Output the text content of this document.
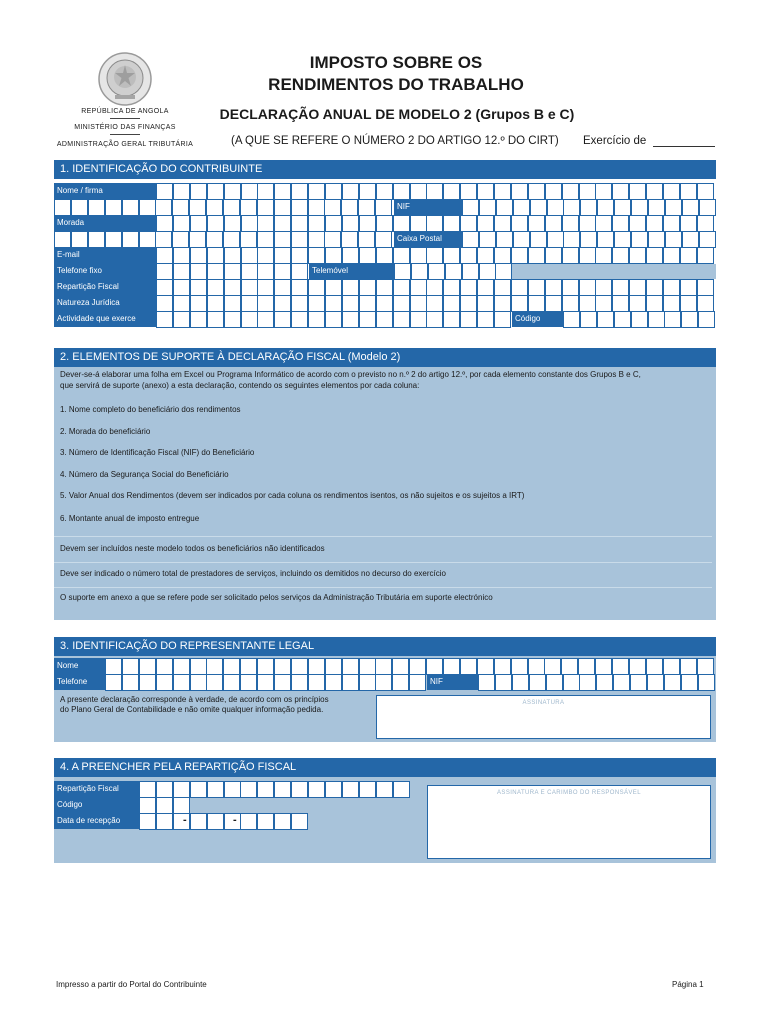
REPÚBLICA DE ANGOLA
MINISTÉRIO DAS FINANÇAS
ADMINISTRAÇÃO GERAL TRIBUTÁRIA
IMPOSTO SOBRE OS
RENDIMENTOS DO TRABALHO
DECLARAÇÃO ANUAL DE MODELO 2 (Grupos B e C)
(A QUE SE REFERE O NÚMERO 2 DO ARTIGO 12.º DO CIRT) Exercício de
1. IDENTIFICAÇÃO DO CONTRIBUINTE
Nome / firma
NIF
Morada
Caixa Postal
E-mail
Telefone fixo	Telemóvel
Repartição Fiscal
Natureza Jurídica
Actividade que exerce	Código
2. ELEMENTOS DE SUPORTE À DECLARAÇÃO FISCAL (Modelo 2)
Dever-se-á elaborar uma folha em Excel ou Programa Informático de acordo com o previsto no n.º 2 do artigo 12.º, por cada elemento constante dos Grupos B e C,
que servirá de suporte (anexo) a esta declaração, contendo os seguintes elementos por cada coluna:
1. Nome completo do beneficiário dos rendimentos
2. Morada do beneficiário
3. Número de Identificação Fiscal (NIF) do Beneficiário
4. Número da Segurança Social do Beneficiário
5. Valor Anual dos Rendimentos (devem ser indicados por cada coluna os rendimentos isentos, os não sujeitos e os sujeitos a IRT)
6. Montante anual de imposto entregue
Devem ser incluídos neste modelo todos os beneficiários não identificados
Deve ser indicado o número total de prestadores de serviços, incluindo os demitidos no decurso do exercício
O suporte em anexo a que se refere pode ser solicitado pelos serviços da Administração Tributária em suporte electrónico
3. IDENTIFICAÇÃO DO REPRESENTANTE LEGAL
Nome
Telefone	NIF
A presente declaração corresponde à verdade, de acordo com os princípios
do Plano Geral de Contabilidade e não omite qualquer informação pedida.
ASSINATURA
4. A PREENCHER PELA REPARTIÇÃO FISCAL
Repartição Fiscal
Código
Data de recepção	-	-
ASSINATURA E CARIMBO DO RESPONSÁVEL
Impresso a partir do Portal do Contribuinte	Página 1
